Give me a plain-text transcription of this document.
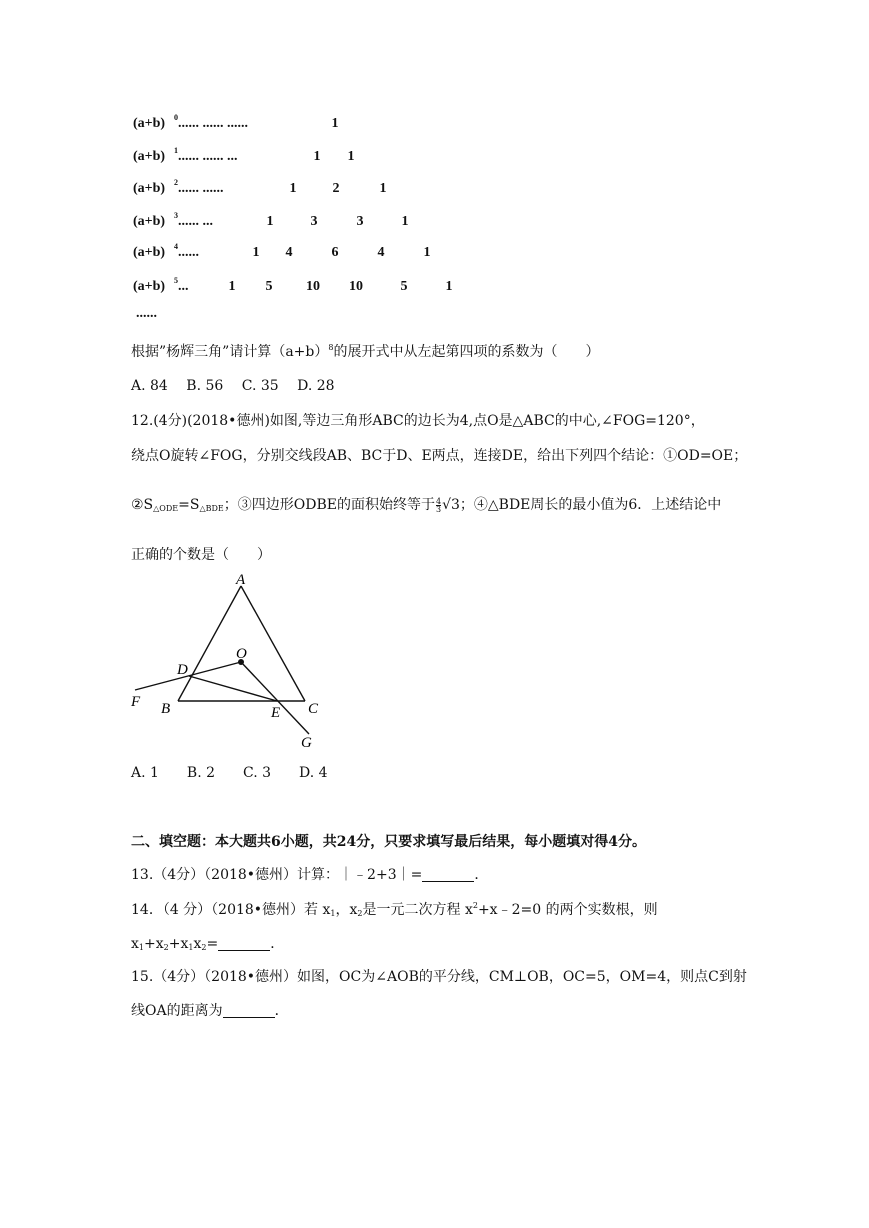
(a+b) 0 ...... ...... ......	1
(a+b) 1 ...... ...... ...	1	1
(a+b) 2 ...... ......	1	2	1
(a+b) 3 ...... ...	1	3	3	1
(a+b) 4 ......	1	4	6	4	1
(a+b) 5 ...	1	5	10	10	5	1
......
根据”杨辉三角”请计算$(a+b)^8$的展开式中从左起第四项的系数为（　　）
A. 84　 B. 56　 C. 35　 D. 28
12.(4分)(2018•德州)如图,等边三角形ABC的边长为4,点O是△ABC的中心,∠FOG=120°，
绕点O旋转∠FOG，分别交线段AB、BC于D、E两点，连接DE，给出下列四个结论：①OD=OE；
$②S_{\triangle ODE}=S_{\triangle BDE}$；③四边形ODBE的面积始终等于 $\frac{4}{3} √3$；④△BDE周长的最小值为6．上述结论中
正确的个数是（　　）
A
D
O
F B	E C
G
A. 1　　B. 2　　C. 3　　D. 4
二、填空题：本大题共6小题，共24分，只要求填写最后结果，每小题填对得4分。
13.（4分）（2018•德州）计算：｜﹣2+3｜=	．
14．（4 分）（2018•德州）若 $x_1$，$x_2$是一元二次方程 $x^2+x﹣2=0$ 的两个实数根，则
$x_1+x_2+x_1x_2=$	．
15.（4分）（2018•德州）如图，OC为∠AOB的平分线，CM⊥OB，OC=5，OM=4，则点C到射
线OA的距离为	．
